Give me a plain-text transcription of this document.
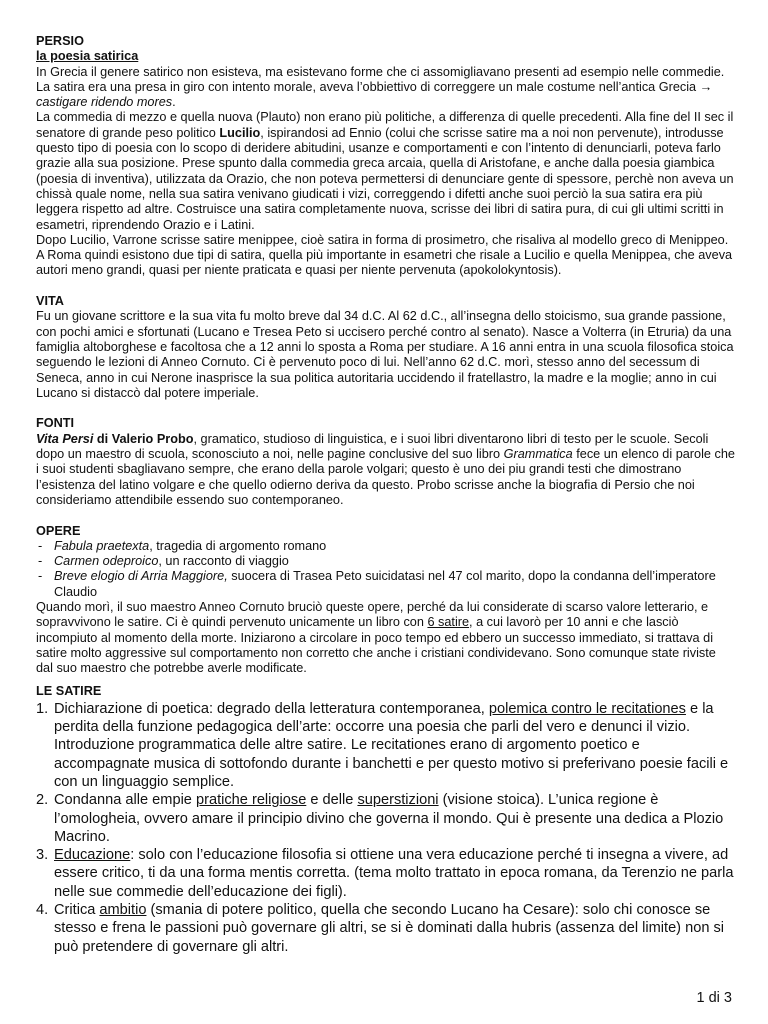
PERSIO
la poesia satirica

In Grecia il genere satirico non esisteva, ma esistevano forme che ci assomigliavano presenti ad esempio nelle commedie. La satira era una presa in giro con intento morale, aveva l’obbiettivo di correggere un male costume nell’antica Grecia → castigare ridendo mores.

La commedia di mezzo e quella nuova (Plauto) non erano più politiche, a differenza di quelle precedenti. Alla fine del II sec il senatore di grande peso politico Lucilio, ispirandosi ad Ennio (colui che scrisse satire ma a noi non pervenute), introdusse questo tipo di poesia con lo scopo di deridere abitudini, usanze e comportamenti e con l’intento di denunciarli, poteva farlo grazie alla sua posizione. Prese spunto dalla commedia greca arcaia, quella di Aristofane, e anche dalla poesia giambica (poesia di inventiva), utilizzata da Orazio, che non poteva permettersi di denunciare gente di spessore, perchè non aveva un chissà quale nome, nella sua satira venivano giudicati i vizi, correggendo i difetti anche suoi perciò la sua satira era più leggera rispetto ad altre. Costruisce una satira completamente nuova, scrisse dei libri di satira pura, di cui gli ultimi scritti in esametri, riprendendo Orazio e i Latini.

Dopo Lucilio, Varrone scrisse satire menippee, cioè satira in forma di prosimetro, che risaliva al modello greco di Menippeo. A Roma quindi esistono due tipi di satira, quella più importante in esametri che risale a Lucilio e quella Menippea, che aveva autori meno grandi, quasi per niente praticata e quasi per niente pervenuta (apokolokyntosis).

VITA

Fu un giovane scrittore e la sua vita fu molto breve dal 34 d.C. Al 62 d.C., all’insegna dello stoicismo, sua grande passione, con pochi amici e sfortunati (Lucano e Tresea Peto si uccisero perché contro al senato). Nasce a Volterra (in Etruria) da una famiglia altoborghese e facoltosa che a 12 anni lo sposta a Roma per studiare. A 16 anni entra in una scuola filosofica stoica seguendo le lezioni di Anneo Cornuto. Ci è pervenuto poco di lui. Nell’anno 62 d.C. morì, stesso anno del secessum di Seneca, anno in cui Nerone inasprisce la sua politica autoritaria uccidendo il fratellastro, la madre e la moglie; anno in cui Lucano si distaccò dal potere imperiale.

FONTI

Vita Persi di Valerio Probo, gramatico, studioso di linguistica, e i suoi libri diventarono libri di testo per le scuole. Secoli dopo un maestro di scuola, sconosciuto a noi, nelle pagine conclusive del suo libro Grammatica fece un elenco di parole che i suoi studenti sbagliavano sempre, che erano della parole volgari; questo è uno dei piu grandi testi che dimostrano l’esistenza del latino volgare e che quello odierno deriva da questo. Probo scrisse anche la biografia di Persio che noi consideriamo attendibile essendo suo contemporaneo.

OPERE
- Fabula praetexta, tragedia di argomento romano
- Carmen odeproico, un racconto di viaggio
- Breve elogio di Arria Maggiore, suocera di Trasea Peto suicidatasi nel 47 col marito, dopo la condanna dell’imperatore Claudio

Quando morì, il suo maestro Anneo Cornuto bruciò queste opere, perché da lui considerate di scarso valore letterario, e sopravvivono le satire. Ci è quindi pervenuto unicamente un libro con 6 satire, a cui lavorò per 10 anni e che lasciò incompiuto al momento della morte. Iniziarono a circolare in poco tempo ed ebbero un successo immediato, si trattava di satire molto aggressive sul comportamento non corretto che anche i cristiani condividevano. Sono comunque state riviste dal suo maestro che potrebbe averle modificate.

LE SATIRE
1. Dichiarazione di poetica: degrado della letteratura contemporanea, polemica contro le recitationes e la perdita della funzione pedagogica dell’arte: occorre una poesia che parli del vero e denunci il vizio. Introduzione programmatica delle altre satire. Le recitationes erano di argomento poetico e accompagnate musica di sottofondo durante i banchetti e per questo motivo si preferivano poesie facili e con un linguaggio semplice.
2. Condanna alle empie pratiche religiose e delle superstizioni (visione stoica). L’unica regione è l’omologheia, ovvero amare il principio divino che governa il mondo. Qui è presente una dedica a Plozio Macrino.
3. Educazione: solo con l’educazione filosofia si ottiene una vera educazione perché ti insegna a vivere, ad essere critico, ti da una forma mentis corretta. (tema molto trattato in epoca romana, da Terenzio ne parla nelle sue commedie dell’educazione dei figli).
4. Critica ambitio (smania di potere politico, quella che secondo Lucano ha Cesare): solo chi conosce se stesso e frena le passioni può governare gli altri, se si è dominati dalla hubris (assenza del limite) non si può pretendere di governare gli altri.
1 di 3
